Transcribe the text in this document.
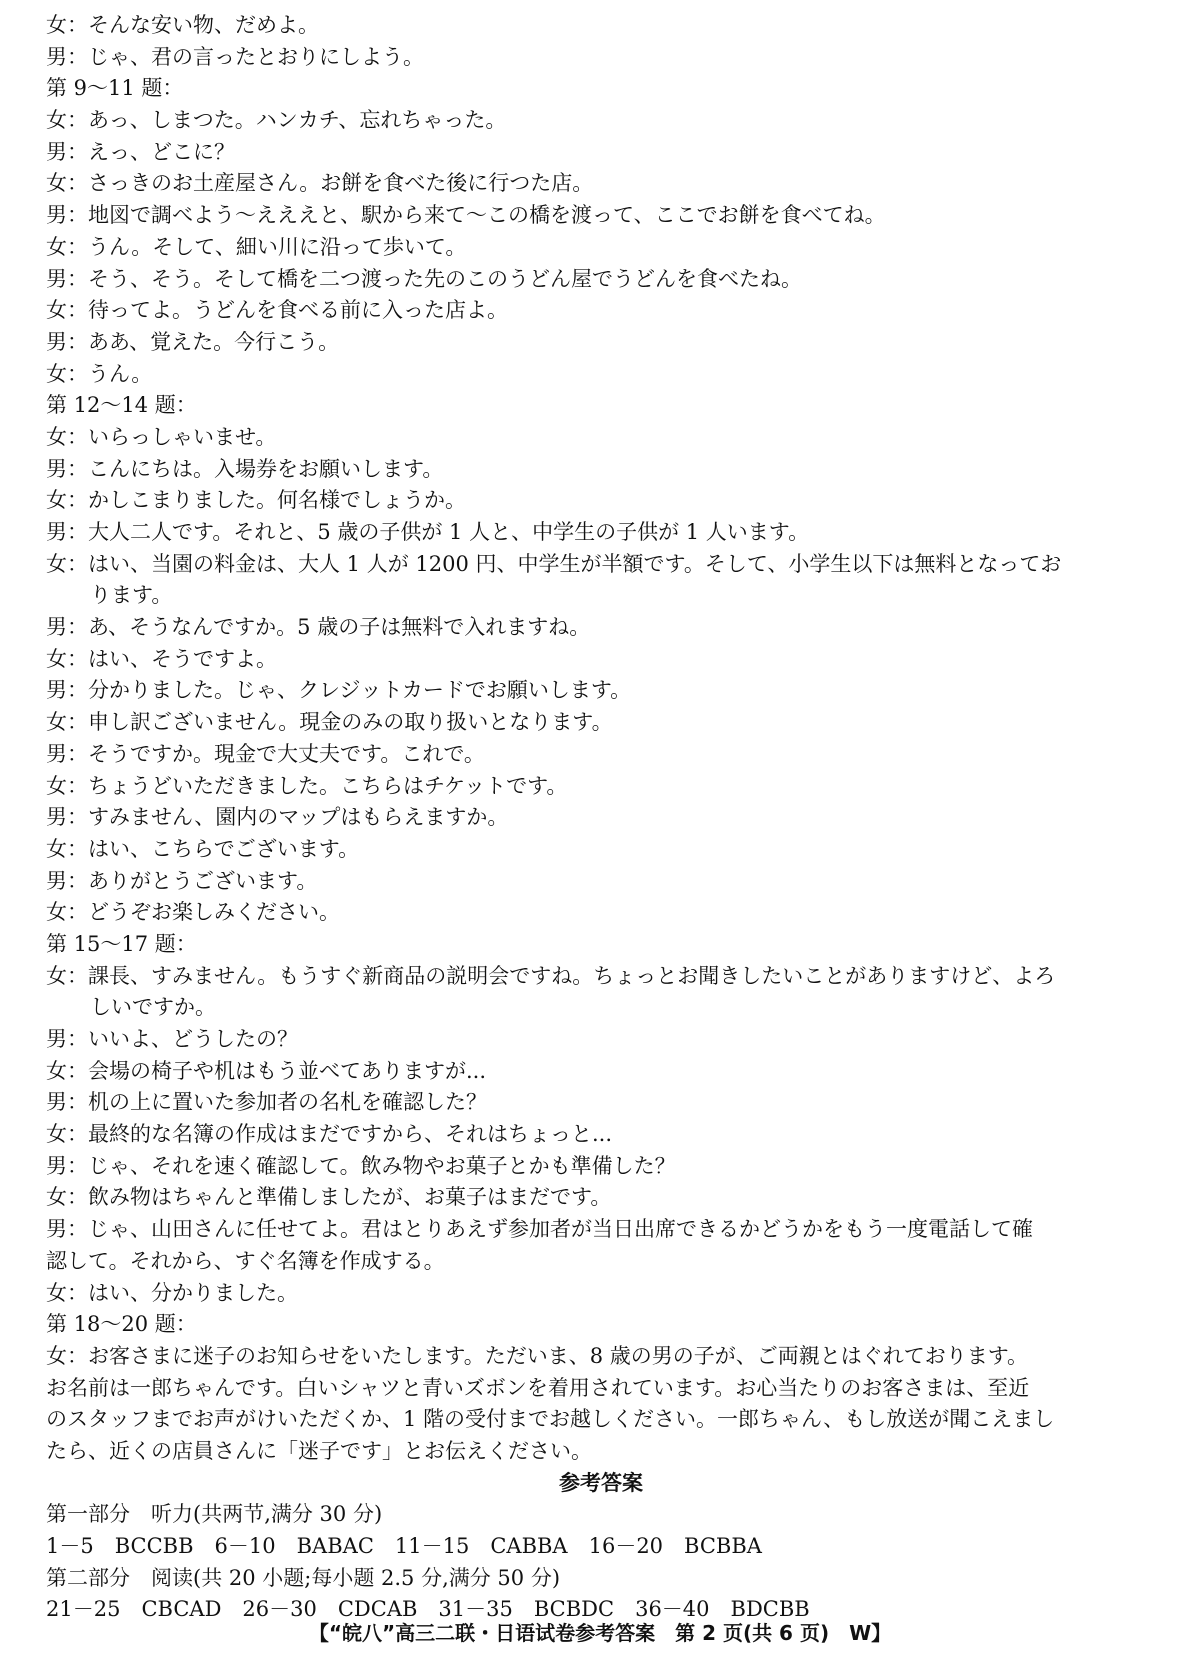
女：そんな安い物、だめよ。
男：じゃ、君の言ったとおりにしよう。
第 9～11 题：
女：あっ、しまつた。ハンカチ、忘れちゃった。
男：えっ、どこに？
女：さっきのお土産屋さん。お餅を食べた後に行つた店。
男：地図で調べよう～えええと、駅から来て～この橋を渡って、ここでお餅を食べてね。
女：うん。そして、細い川に沿って歩いて。
男：そう、そう。そして橋を二つ渡った先のこのうどん屋でうどんを食べたね。
女：待ってよ。うどんを食べる前に入った店よ。
男：ああ、覚えた。今行こう。
女：うん。
第 12～14 题：
女：いらっしゃいませ。
男：こんにちは。入場券をお願いします。
女：かしこまりました。何名様でしょうか。
男：大人二人です。それと、5 歳の子供が 1 人と、中学生の子供が 1 人います。
女：はい、当園の料金は、大人 1 人が 1200 円、中学生が半額です。そして、小学生以下は無料となってお
ります。
男：あ、そうなんですか。5 歳の子は無料で入れますね。
女：はい、そうですよ。
男：分かりました。じゃ、クレジットカードでお願いします。
女：申し訳ございません。現金のみの取り扱いとなります。
男：そうですか。現金で大丈夫です。これで。
女：ちょうどいただきました。こちらはチケットです。
男：すみません、園内のマップはもらえますか。
女：はい、こちらでございます。
男：ありがとうございます。
女：どうぞお楽しみください。
第 15～17 题：
女：課長、すみません。もうすぐ新商品の説明会ですね。ちょっとお聞きしたいことがありますけど、よろ
しいですか。
男：いいよ、どうしたの？
女：会場の椅子や机はもう並べてありますが...
男：机の上に置いた参加者の名札を確認した？
女：最終的な名簿の作成はまだですから、それはちょっと...
男：じゃ、それを速く確認して。飲み物やお菓子とかも準備した？
女：飲み物はちゃんと準備しましたが、お菓子はまだです。
男：じゃ、山田さんに任せてよ。君はとりあえず参加者が当日出席できるかどうかをもう一度電話して確
認して。それから、すぐ名簿を作成する。
女：はい、分かりました。
第 18～20 题：
女：お客さまに迷子のお知らせをいたします。ただいま、8 歳の男の子が、ご両親とはぐれております。
お名前は一郎ちゃんです。白いシャツと青いズボンを着用されています。お心当たりのお客さまは、至近
のスタッフまでお声がけいただくか、1 階の受付までお越しください。一郎ちゃん、もし放送が聞こえまし
たら、近くの店員さんに「迷子です」とお伝えください。
参考答案
第一部分　听力(共两节,满分 30 分)
1－5　BCCBB　6－10　BABAC　11－15　CABBA　16－20　BCBBA
第二部分　阅读(共 20 小题;每小题 2.5 分,满分 50 分)
21－25　CBCAD　26－30　CDCAB　31－35　BCBDC　36－40　BDCBB
【“皖八”高三二联・日语试卷参考答案　第 2 页(共 6 页)　W】
